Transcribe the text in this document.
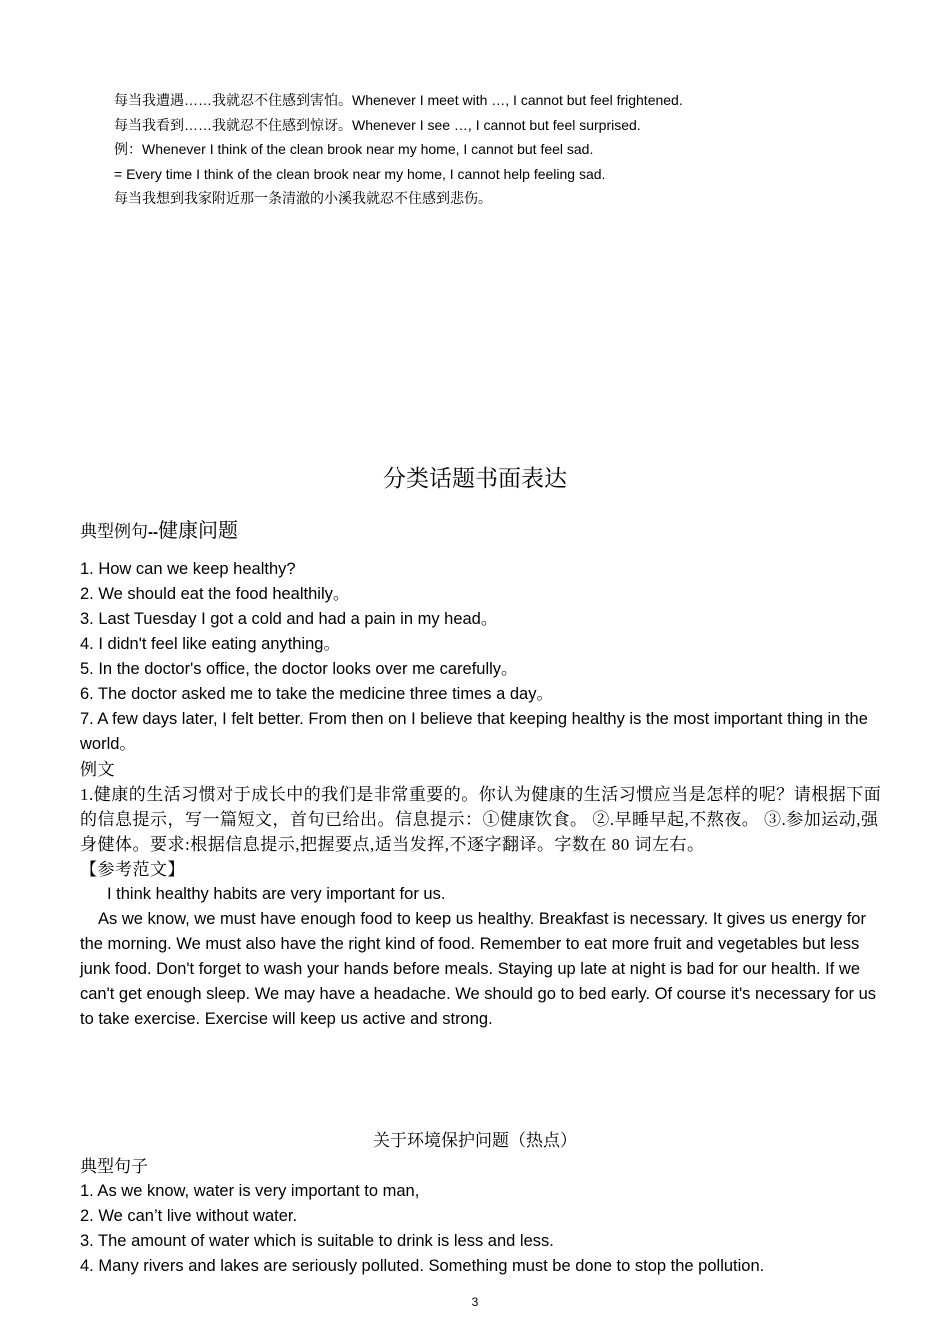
每当我遭遇……我就忍不住感到害怕。Whenever I meet with …, I cannot but feel frightened.
每当我看到……我就忍不住感到惊讶。Whenever I see …, I cannot but feel surprised.
例：Whenever I think of the clean brook near my home, I cannot but feel sad.
= Every time I think of the clean brook near my home, I cannot help feeling sad.
每当我想到我家附近那一条清澈的小溪我就忍不住感到悲伤。
分类话题书面表达
典型例句--健康问题

1. How can we keep healthy?

2. We should eat the food healthily。

3. Last Tuesday I got a cold and had a pain in my head。

4. I didn't feel like eating anything。

5. In the doctor's office, the doctor looks over me carefully。

6. The doctor asked me to take the medicine three times a day。

7. A few days later, I felt better. From then on I believe that keeping healthy is the most important thing in the world。

例文

1.健康的生活习惯对于成长中的我们是非常重要的。你认为健康的生活习惯应当是怎样的呢？请根据下面的信息提示，写一篇短文，首句已给出。信息提示：①健康饮食。 ②.早睡早起,不熬夜。 ③.参加运动,强身健体。要求:根据信息提示,把握要点,适当发挥,不逐字翻译。字数在 80 词左右。

【参考范文】

I think healthy habits are very important for us.

As we know, we must have enough food to keep us healthy. Breakfast is necessary. It gives us energy for the morning. We must also have the right kind of food. Remember to eat more fruit and vegetables but less junk food. Don't forget to wash your hands before meals. Staying up late at night is bad for our health. If we can't get enough sleep. We may have a headache. We should go to bed early. Of course it's necessary for us to take exercise. Exercise will keep us active and strong.

关于环境保护问题（热点）

典型句子

1. As we know, water is very important to man,

2. We can’t live without water.

3. The amount of water which is suitable to drink is less and less.

4. Many rivers and lakes are seriously polluted. Something must be done to stop the pollution.

3
